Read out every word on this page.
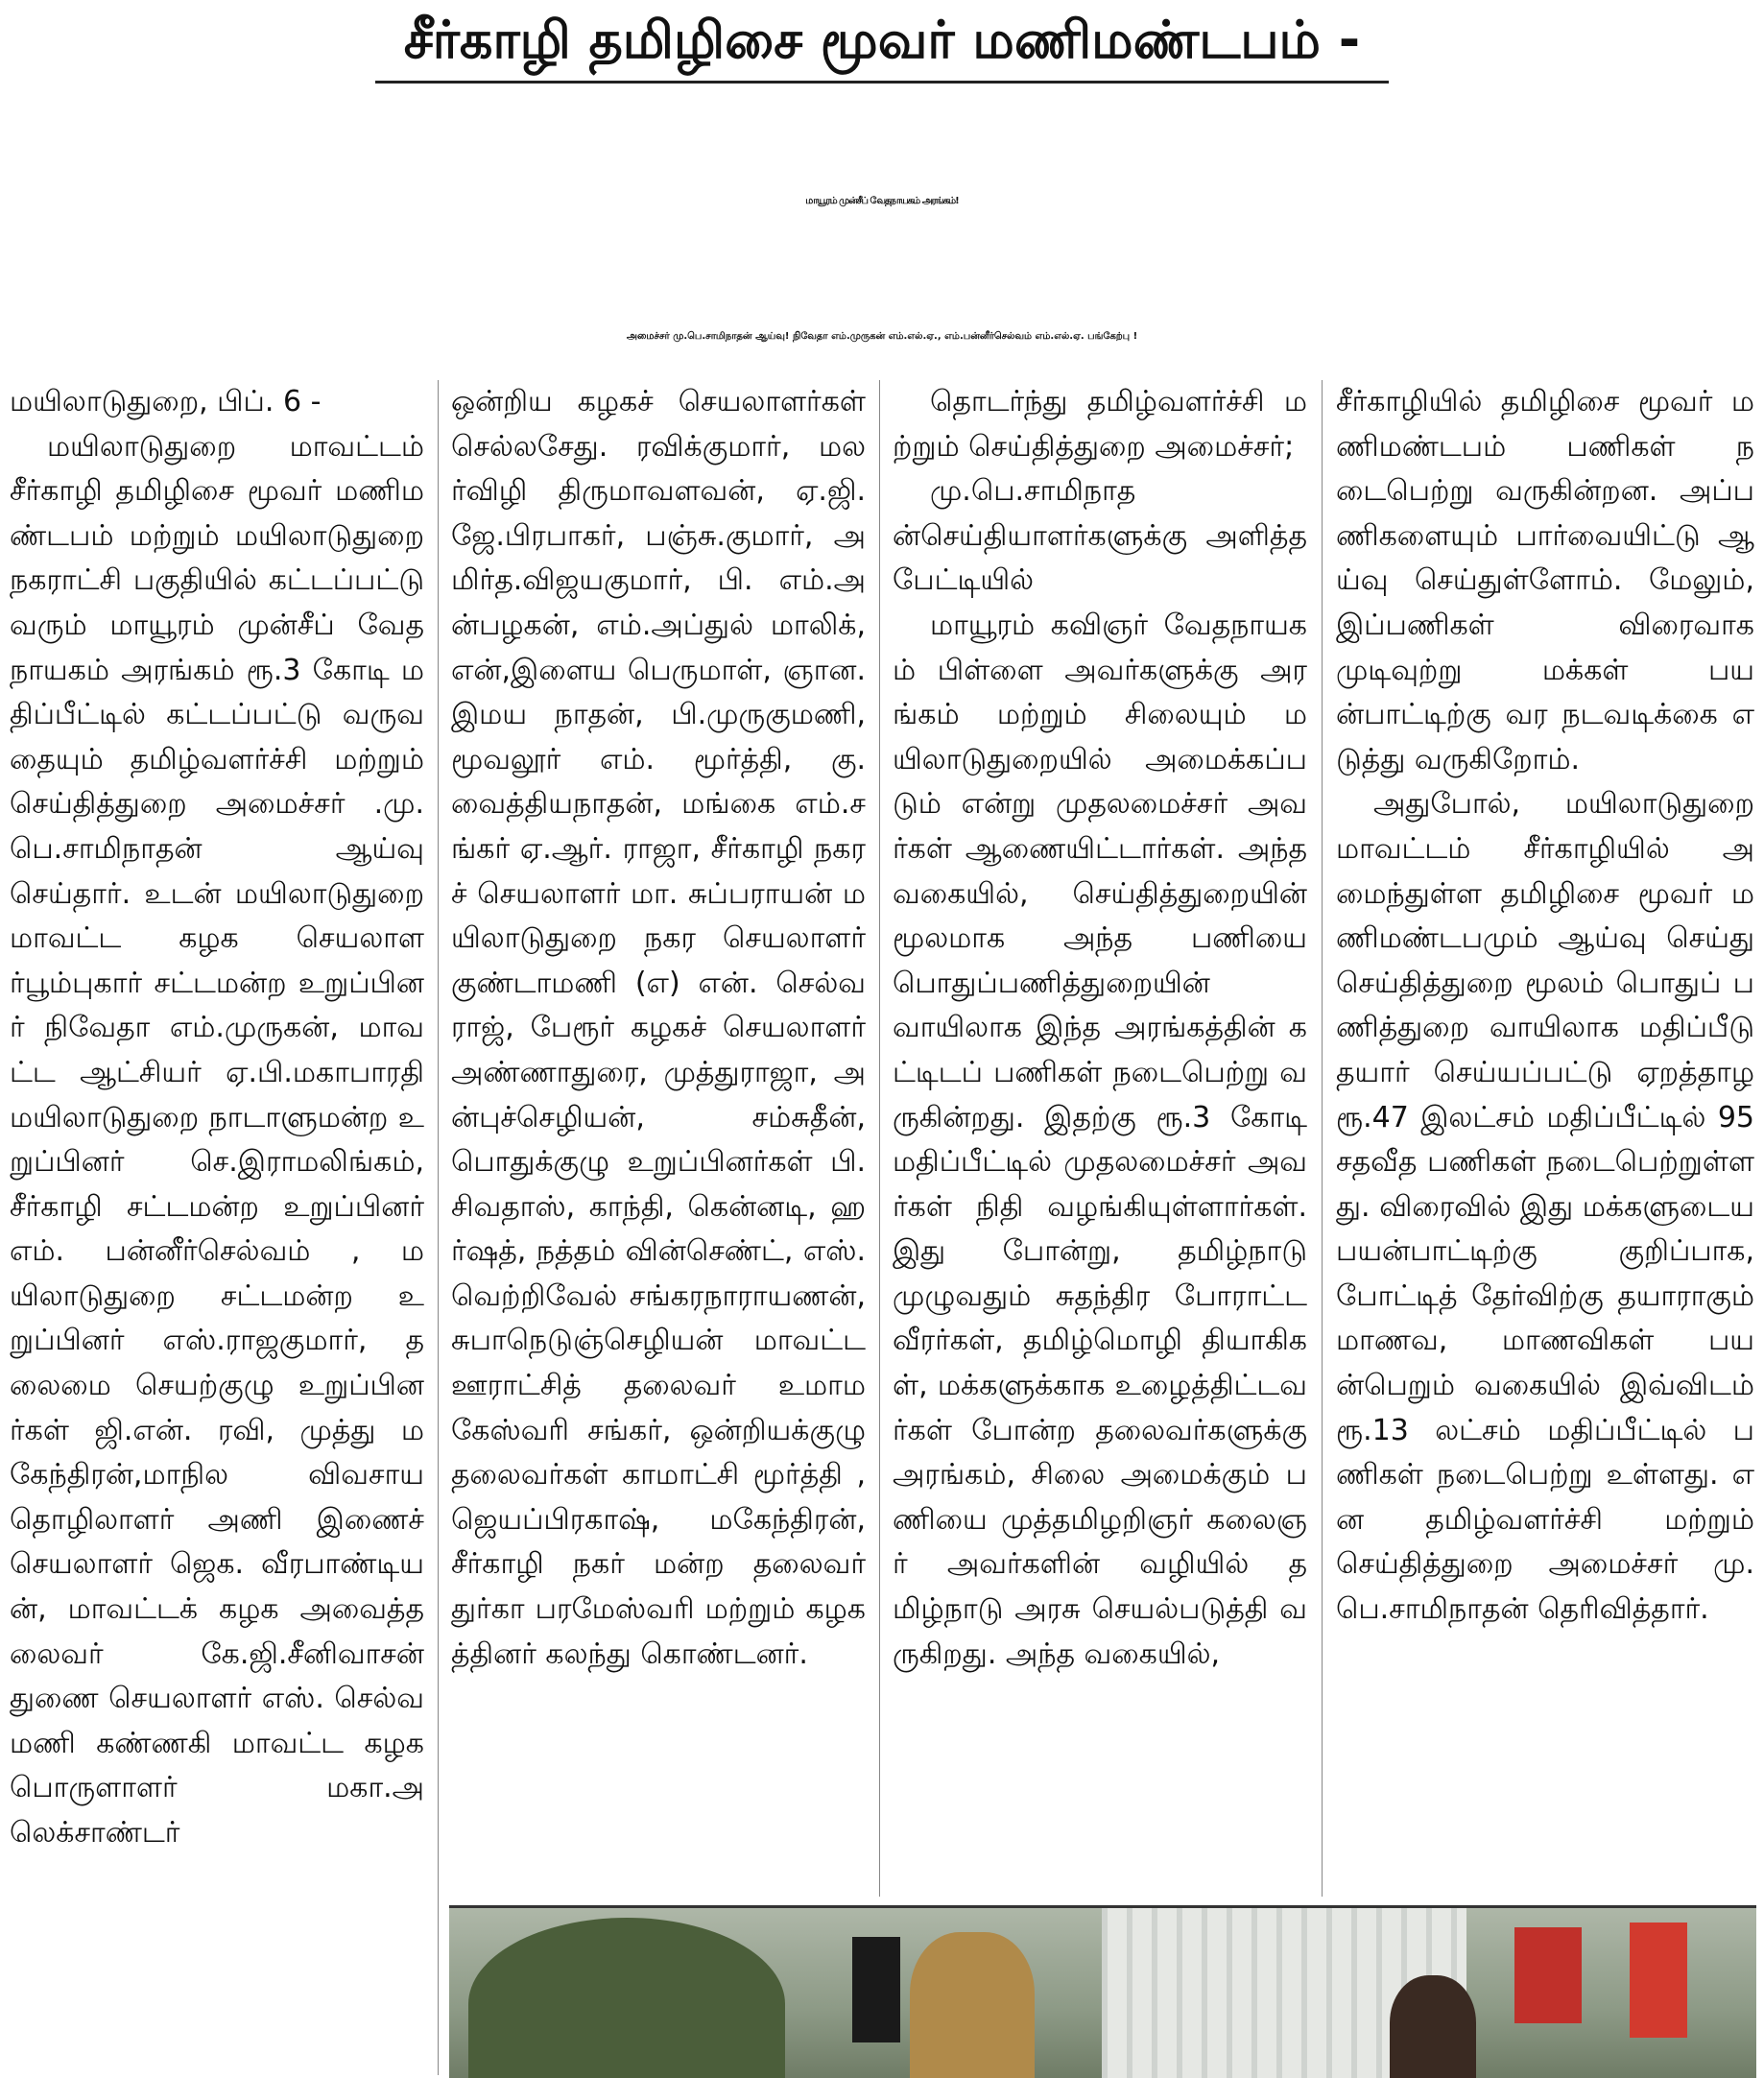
சீர்காழி தமிழிசை மூவர் மணிமண்டபம் -
மாயூரம் முன்சீப் வேதநாயகம் அரங்கம்!
அமைச்சர் மு.பெ.சாமிநாதன் ஆய்வு! நிவேதா எம்.முருகன் எம்.எல்.ஏ., எம்.பன்னீர்செல்வம் எம்.எல்.ஏ. பங்கேற்பு !

மயிலாடுதுறை, பிப். 6 -

மயிலாடுதுறை மாவட்டம் சீர்காழி தமிழிசை மூவர் மணிமண்டபம் மற்றும் மயிலாடுதுறை நகராட்சி பகுதியில் கட்டப்பட்டு வரும் மாயூரம் முன்சீப் வேதநாயகம் அரங்கம் ரூ.3 கோடி மதிப்பீட்டில் கட்டப்பட்டு வருவதையும் தமிழ்வளர்ச்சி மற்றும் செய்தித்துறை அமைச்சர் .மு.பெ.சாமிநாதன் ஆய்வு செய்தார். உடன் மயிலாடுதுறை மாவட்ட கழக செயலாளர்பூம்புகார் சட்டமன்ற உறுப்பினர் நிவேதா எம்.முருகன், மாவட்ட ஆட்சியர் ஏ.பி.மகாபாரதி மயிலாடுதுறை நாடாளுமன்ற உறுப்பினர் செ.இராமலிங்கம், சீர்காழி சட்டமன்ற உறுப்பினர் எம். பன்னீர்செல்வம் , மயிலாடுதுறை சட்டமன்ற உறுப்பினர் எஸ்.ராஜகுமார், தலைமை செயற்குழு உறுப்பினர்கள் ஜி.என். ரவி, முத்து மகேந்திரன்,மாநில விவசாய தொழிலாளர் அணி இணைச் செயலாளர் ஜெக. வீரபாண்டியன், மாவட்டக் கழக அவைத்தலைவர் கே.ஜி.சீனிவாசன் துணை செயலாளர் எஸ். செல்வமணி கண்ணகி மாவட்ட கழக பொருளாளர் மகா.அலெக்சாண்டர்

ஒன்றிய கழகச் செயலாளர்கள் செல்லசேது. ரவிக்குமார், மலர்விழி திருமாவளவன், ஏ.ஜி.ஜே.பிரபாகர், பஞ்சு.குமார், அமிர்த.விஜயகுமார், பி. எம்.அன்பழகன், எம்.அப்துல் மாலிக், என்,இளைய பெருமாள், ஞான.இமய நாதன், பி.முருகுமணி, மூவலூர் எம். மூர்த்தி, கு.வைத்தியநாதன், மங்கை எம்.சங்கர் ஏ.ஆர். ராஜா, சீர்காழி நகரச் செயலாளர் மா. சுப்பராயன் மயிலாடுதுறை நகர செயலாளர் குண்டாமணி (எ) என். செல்வராஜ், பேரூர் கழகச் செயலாளர் அண்ணாதுரை, முத்துராஜா, அன்புச்செழியன், சம்சுதீன், பொதுக்குழு உறுப்பினர்கள் பி.சிவதாஸ், காந்தி, கென்னடி, ஹர்ஷத், நத்தம் வின்செண்ட், எஸ். வெற்றிவேல் சங்கரநாராயணன், சுபாநெடுஞ்செழியன் மாவட்ட ஊராட்சித் தலைவர் உமாமகேஸ்வரி சங்கர், ஒன்றியக்குழு தலைவர்கள் காமாட்சி மூர்த்தி , ஜெயப்பிரகாஷ், மகேந்திரன், சீர்காழி நகர் மன்ற தலைவர் துர்கா பரமேஸ்வரி மற்றும் கழகத்தினர் கலந்து கொண்டனர்.

தொடர்ந்து தமிழ்வளர்ச்சி மற்றும் செய்தித்துறை அமைச்சர்;

மு.பெ.சாமிநாதன்செய்தியாளர்களுக்கு அளித்த பேட்டியில்

மாயூரம் கவிஞர் வேதநாயகம் பிள்ளை அவர்களுக்கு அரங்கம் மற்றும் சிலையும் மயிலாடுதுறையில் அமைக்கப்படும் என்று முதலமைச்சர் அவர்கள் ஆணையிட்டார்கள். அந்த வகையில், செய்தித்துறையின் மூலமாக அந்த பணியை பொதுப்பணித்துறையின் வாயிலாக இந்த அரங்கத்தின் கட்டிடப் பணிகள் நடைபெற்று வருகின்றது. இதற்கு ரூ.3 கோடி மதிப்பீட்டில் முதலமைச்சர் அவர்கள் நிதி வழங்கியுள்ளார்கள். இது போன்று, தமிழ்நாடு முழுவதும் சுதந்திர போராட்ட வீரர்கள், தமிழ்மொழி தியாகிகள், மக்களுக்காக உழைத்திட்டவர்கள் போன்ற தலைவர்களுக்கு அரங்கம், சிலை அமைக்கும் பணியை முத்தமிழறிஞர் கலைஞர் அவர்களின் வழியில் தமிழ்நாடு அரசு செயல்படுத்தி வருகிறது. அந்த வகையில்,

சீர்காழியில் தமிழிசை மூவர் மணிமண்டபம் பணிகள் நடைபெற்று வருகின்றன. அப்பணிகளையும் பார்வையிட்டு ஆய்வு செய்துள்ளோம். மேலும், இப்பணிகள் விரைவாக முடிவுற்று மக்கள் பயன்பாட்டிற்கு வர நடவடிக்கை எடுத்து வருகிறோம்.

அதுபோல், மயிலாடுதுறை மாவட்டம் சீர்காழியில் அமைந்துள்ள தமிழிசை மூவர் மணிமண்டபமும் ஆய்வு செய்து செய்தித்துறை மூலம் பொதுப் பணித்துறை வாயிலாக மதிப்பீடு தயார் செய்யப்பட்டு ஏறத்தாழ ரூ.47 இலட்சம் மதிப்பீட்டில் 95 சதவீத பணிகள் நடைபெற்றுள்ளது. விரைவில் இது மக்களுடைய பயன்பாட்டிற்கு குறிப்பாக, போட்டித் தேர்விற்கு தயாராகும் மாணவ, மாணவிகள் பயன்பெறும் வகையில் இவ்விடம் ரூ.13 லட்சம் மதிப்பீட்டில் பணிகள் நடைபெற்று உள்ளது. என தமிழ்வளர்ச்சி மற்றும் செய்தித்துறை அமைச்சர் மு.பெ.சாமிநாதன் தெரிவித்தார்.
